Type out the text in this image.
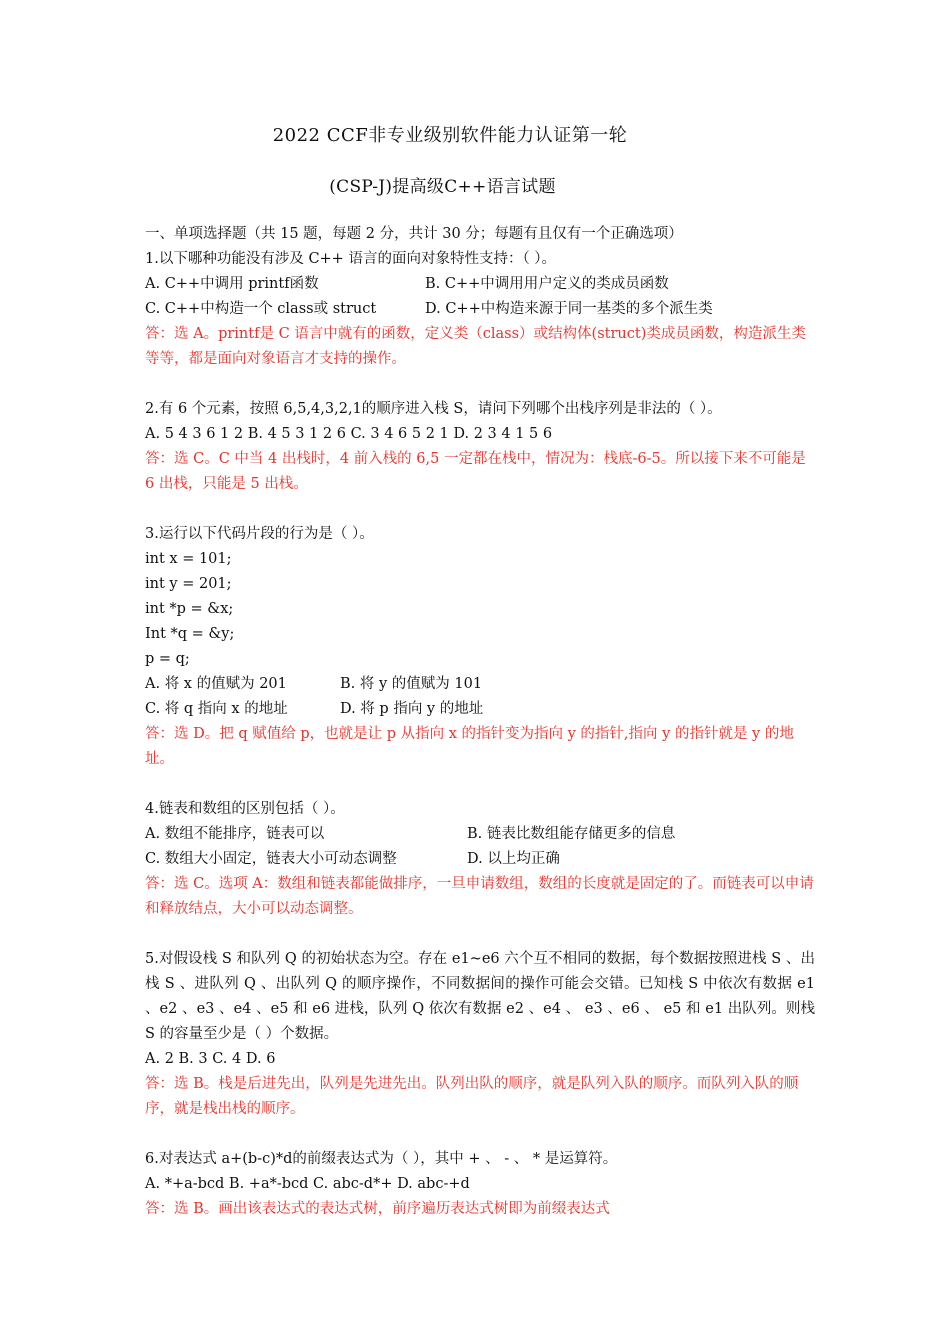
2022 CCF非专业级别软件能力认证第一轮
(CSP-J)提高级C++语言试题
一、单项选择题（共 15 题，每题 2 分，共计 30 分；每题有且仅有一个正确选项）
1.以下哪种功能没有涉及 C++ 语言的面向对象特性支持：（ ）。
A. C++中调用 printf函数	B. C++中调用用户定义的类成员函数
C. C++中构造一个 class或 struct	D. C++中构造来源于同一基类的多个派生类
答：选 A。printf是 C 语言中就有的函数，定义类（class）或结构体(struct)类成员函数，构造派生类等等，都是面向对象语言才支持的操作。
2.有 6 个元素，按照 6,5,4,3,2,1的顺序进入栈 S，请问下列哪个出栈序列是非法的（ ）。
A. 5 4 3 6 1 2 B. 4 5 3 1 2 6 C. 3 4 6 5 2 1 D. 2 3 4 1 5 6
答：选 C。C 中当 4 出栈时，4 前入栈的 6,5 一定都在栈中，情况为：栈底-6-5。所以接下来不可能是 6 出栈，只能是 5 出栈。
3.运行以下代码片段的行为是（ ）。
int x = 101;
int y = 201;
int *p = &x;
Int *q = &y;
p = q;
A. 将 x 的值赋为 201	B. 将 y 的值赋为 101
C. 将 q 指向 x 的地址	D. 将 p 指向 y 的地址
答：选 D。把 q 赋值给 p，也就是让 p 从指向 x 的指针变为指向 y 的指针,指向 y 的指针就是 y 的地址。
4.链表和数组的区别包括（ ）。
A. 数组不能排序，链表可以	B. 链表比数组能存储更多的信息
C. 数组大小固定，链表大小可动态调整	D. 以上均正确
答：选 C。选项 A：数组和链表都能做排序，一旦申请数组，数组的长度就是固定的了。而链表可以申请和释放结点，大小可以动态调整。
5.对假设栈 S 和队列 Q 的初始状态为空。存在 e1~e6 六个互不相同的数据，每个数据按照进栈 S 、出栈 S 、进队列 Q 、出队列 Q 的顺序操作，不同数据间的操作可能会交错。已知栈 S 中依次有数据 e1 、e2 、e3 、e4 、e5 和 e6 进栈，队列 Q 依次有数据 e2 、e4 、 e3 、e6 、 e5 和 e1 出队列。则栈 S 的容量至少是（ ）个数据。
A. 2 B. 3 C. 4 D. 6
答：选 B。栈是后进先出，队列是先进先出。队列出队的顺序，就是队列入队的顺序。而队列入队的顺序，就是栈出栈的顺序。
6.对表达式 a+(b-c)*d的前缀表达式为（ ），其中 + 、 - 、 * 是运算符。
A. *+a-bcd B. +a*-bcd C. abc-d*+ D. abc-+d
答：选 B。画出该表达式的表达式树，前序遍历表达式树即为前缀表达式
